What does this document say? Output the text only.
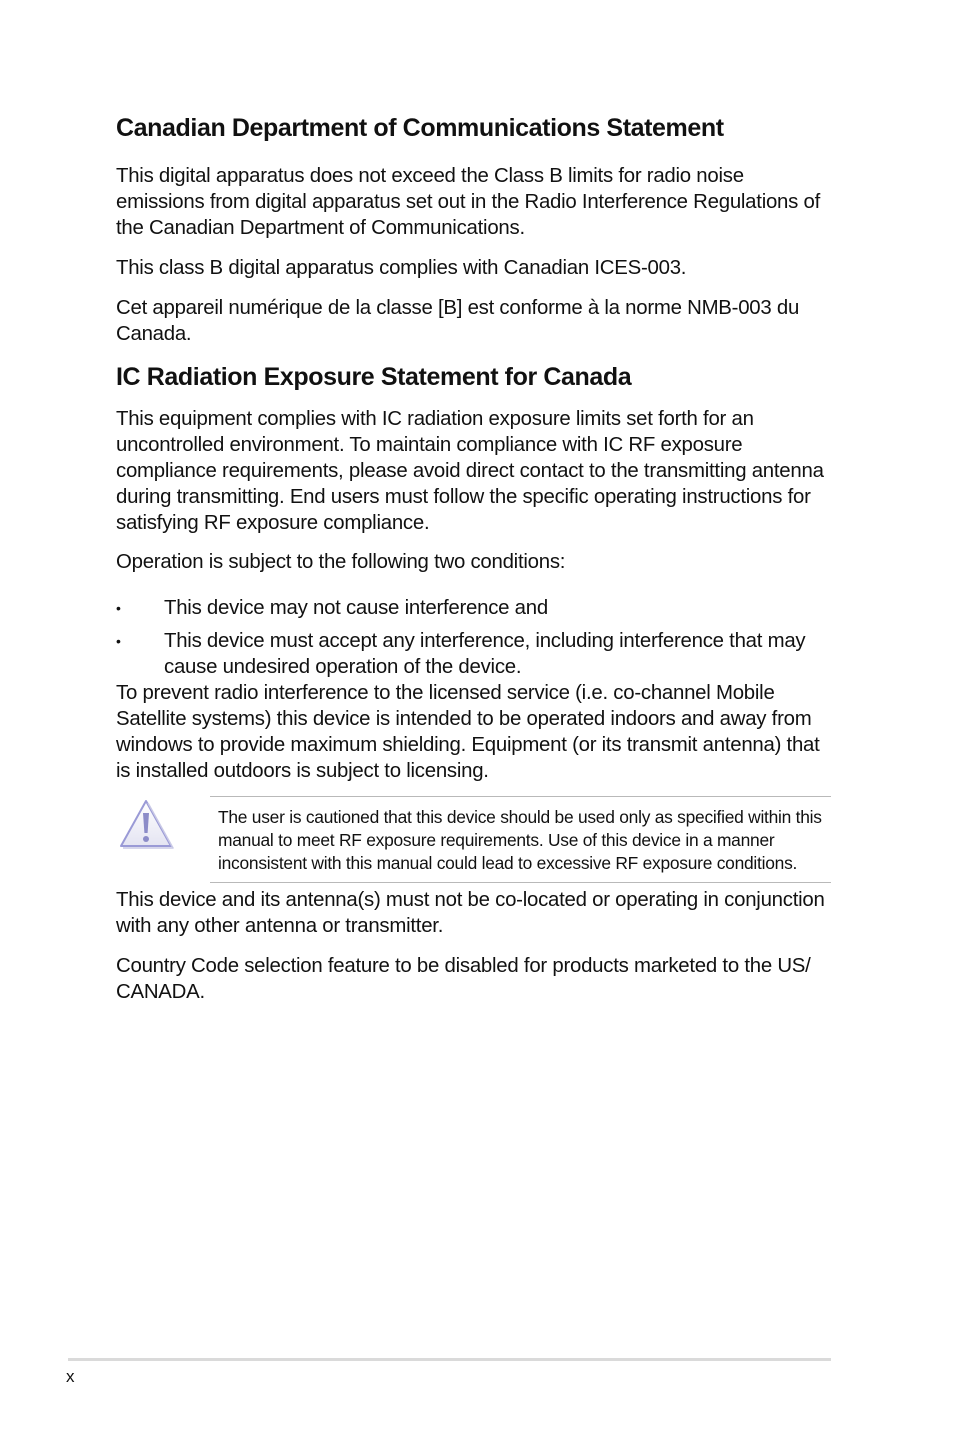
Canadian Department of Communications Statement

This digital apparatus does not exceed the Class B limits for radio noise emissions from digital apparatus set out in the Radio Interference Regulations of the Canadian Department of Communications.

This class B digital apparatus complies with Canadian ICES-003.

Cet appareil numérique de la classe [B] est conforme à la norme NMB-003 du Canada.

IC Radiation Exposure Statement for Canada

This equipment complies with IC radiation exposure limits set forth for an uncontrolled environment. To maintain compliance with IC RF exposure compliance requirements, please avoid direct contact to the transmitting antenna during transmitting. End users must follow the specific operating instructions for satisfying RF exposure compliance.

Operation is subject to the following two conditions:

• This device may not cause interference and
• This device must accept any interference, including interference that may cause undesired operation of the device.

To prevent radio interference to the licensed service (i.e. co-channel Mobile Satellite systems) this device is intended to be operated indoors and away from windows to provide maximum shielding. Equipment (or its transmit antenna) that is installed outdoors is subject to licensing.

The user is cautioned that this device should be used only as specified within this manual to meet RF exposure requirements. Use of this device in a manner inconsistent with this manual could lead to excessive RF exposure conditions.

This device and its antenna(s) must not be co-located or operating in conjunction with any other antenna or transmitter.

Country Code selection feature to be disabled for products marketed to the US/ CANADA.

x
